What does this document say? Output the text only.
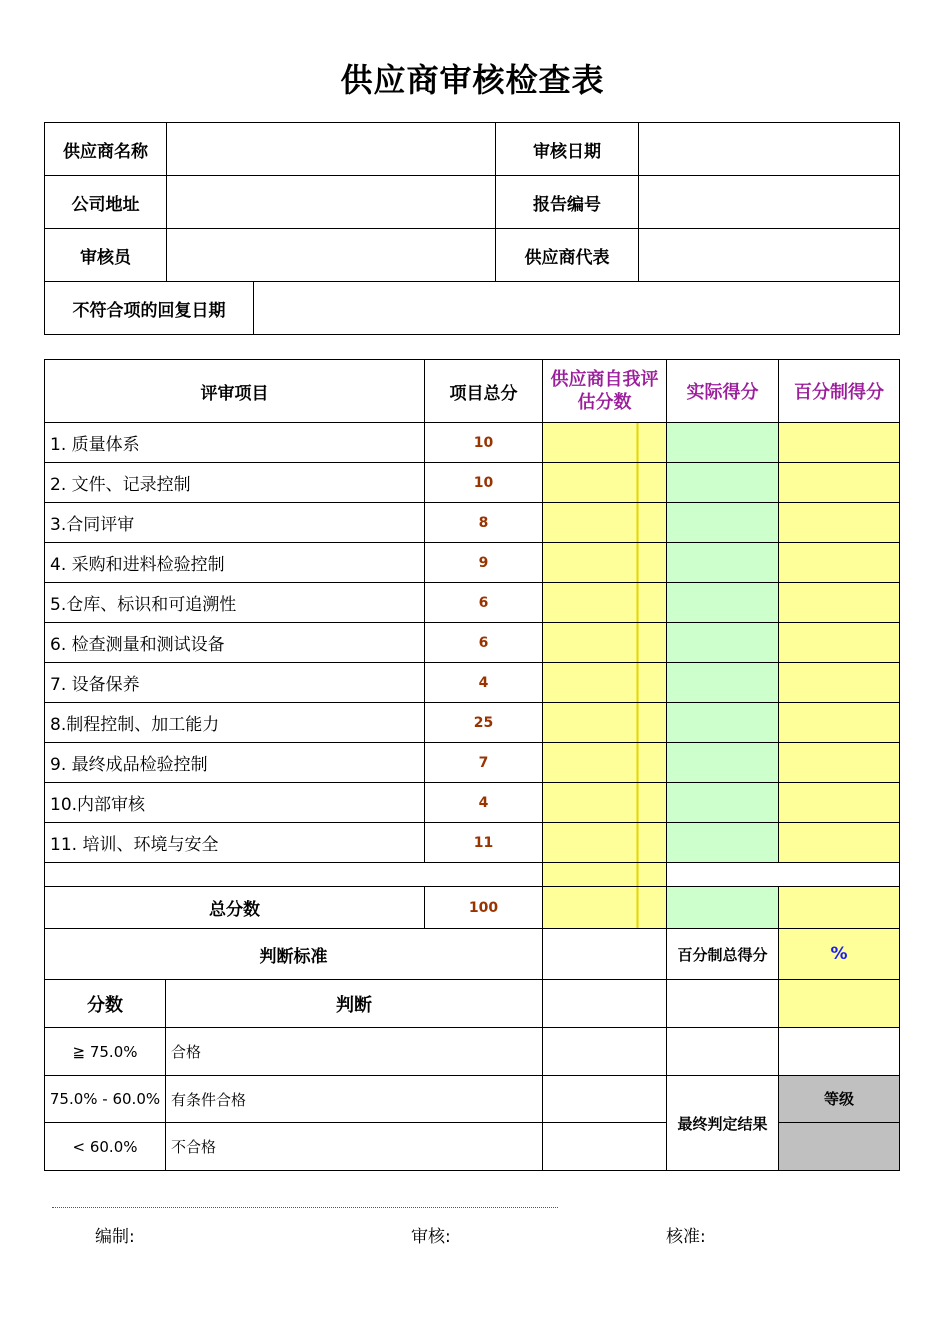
供应商审核检查表
供应商名称			审核日期	
公司地址			报告编号	
审核员			供应商代表	
不符合项的回复日期				
评审项目		项目总分	供应商自我评估分数	实际得分	百分制得分
1. 质量体系		10			
2. 文件、记录控制		10			
3.合同评审		8			
4. 采购和进料检验控制		9			
5.仓库、标识和可追溯性		6			
6. 检查测量和测试设备		6			
7. 设备保养		4			
8.制程控制、加工能力		25			
9. 最终成品检验控制		7			
10.内部审核		4			
11. 培训、环境与安全		11			

总分数		100			
判断标准				百分制总得分	%
分数	判断				
≧ 75.0%	合格				
75.0% - 60.0%	有条件合格			最终判定结果	等级
< 60.0%	不合格				
编制:	审核:	核准:
